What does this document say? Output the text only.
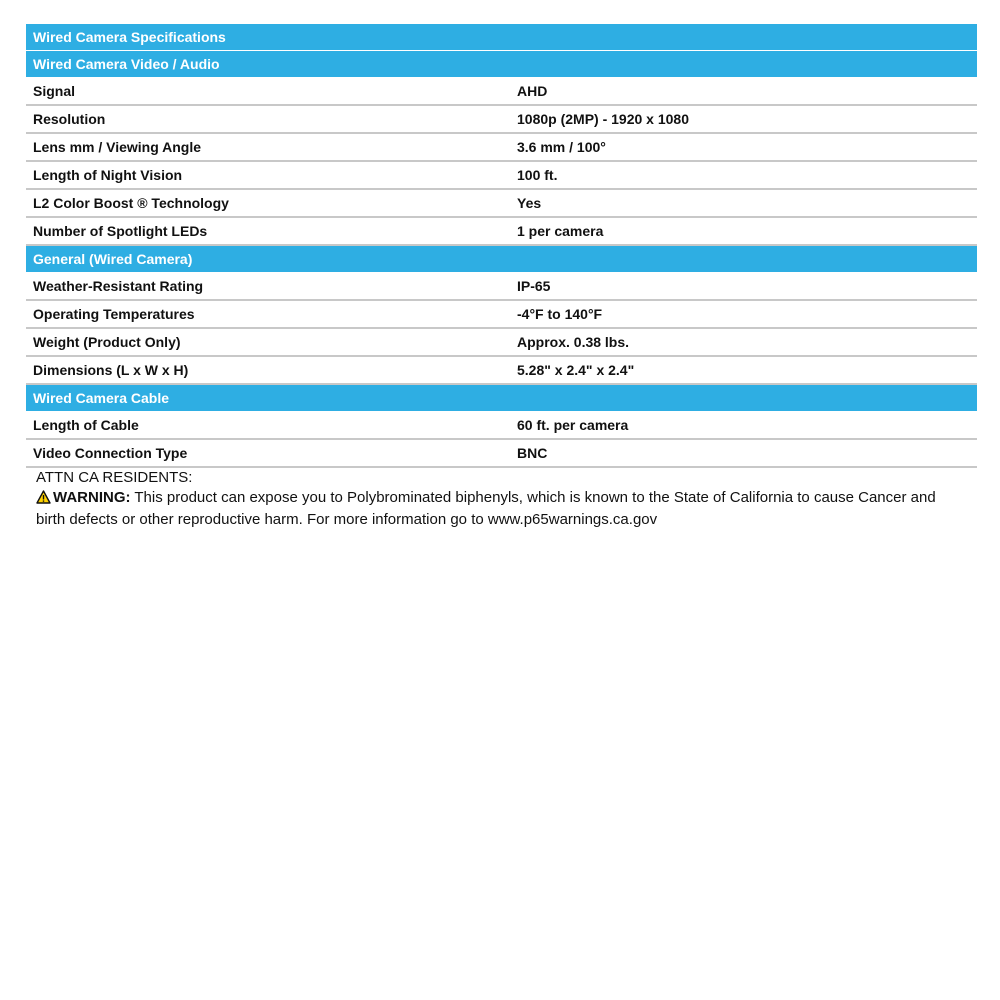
Wired Camera Specifications
Wired Camera Video / Audio
Signal	AHD
Resolution	1080p (2MP) - 1920 x 1080
Lens mm / Viewing Angle	3.6 mm / 100°
Length of Night Vision	100 ft.
L2 Color Boost ® Technology	Yes
Number of Spotlight LEDs	1 per camera
General (Wired Camera)
Weather-Resistant Rating	IP-65
Operating Temperatures	-4°F to 140°F
Weight (Product Only)	Approx. 0.38 lbs.
Dimensions (L x W x H)	5.28" x 2.4" x 2.4"
Wired Camera Cable
Length of Cable	60 ft. per camera
Video Connection Type	BNC
ATTN CA RESIDENTS:
WARNING: This product can expose you to Polybrominated biphenyls, which is known to the State of California to cause Cancer and birth defects or other reproductive harm. For more information go to www.p65warnings.ca.gov
